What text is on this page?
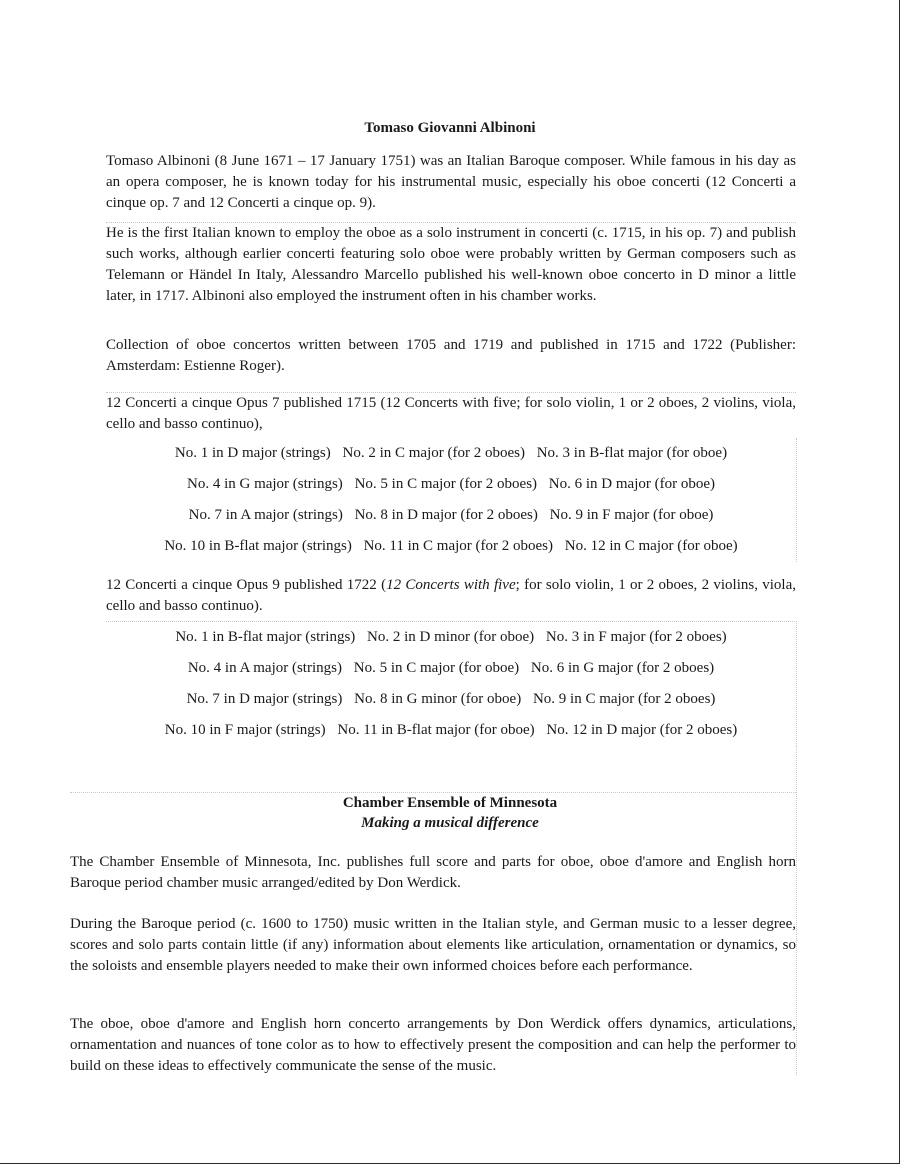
Tomaso Giovanni Albinoni

Tomaso Albinoni (8 June 1671 – 17 January 1751) was an Italian Baroque composer. While famous in his day as an opera composer, he is known today for his instrumental music, especially his oboe concerti (12 Concerti a cinque op. 7 and 12 Concerti a cinque op. 9).

He is the first Italian known to employ the oboe as a solo instrument in concerti (c. 1715, in his op. 7) and publish such works, although earlier concerti featuring solo oboe were probably written by German composers such as Telemann or Händel In Italy, Alessandro Marcello published his well-known oboe concerto in D minor a little later, in 1717. Albinoni also employed the instrument often in his chamber works.

Collection of oboe concertos written between 1705 and 1719 and published in 1715 and 1722 (Publisher: Amsterdam: Estienne Roger).

12 Concerti a cinque Opus 7 published 1715 (12 Concerts with five; for solo violin, 1 or 2 oboes, 2 violins, viola, cello and basso continuo),

No. 1 in D major (strings) No. 2 in C major (for 2 oboes) No. 3 in B-flat major (for oboe)
No. 4 in G major (strings) No. 5 in C major (for 2 oboes) No. 6 in D major (for oboe)
No. 7 in A major (strings) No. 8 in D major (for 2 oboes) No. 9 in F major (for oboe)
No. 10 in B-flat major (strings) No. 11 in C major (for 2 oboes) No. 12 in C major (for oboe)

12 Concerti a cinque Opus 9 published 1722 (12 Concerts with five; for solo violin, 1 or 2 oboes, 2 violins, viola, cello and basso continuo).

No. 1 in B-flat major (strings) No. 2 in D minor (for oboe) No. 3 in F major (for 2 oboes)
No. 4 in A major (strings) No. 5 in C major (for oboe) No. 6 in G major (for 2 oboes)
No. 7 in D major (strings) No. 8 in G minor (for oboe) No. 9 in C major (for 2 oboes)
No. 10 in F major (strings) No. 11 in B-flat major (for oboe) No. 12 in D major (for 2 oboes)
Chamber Ensemble of Minnesota
Making a musical difference

The Chamber Ensemble of Minnesota, Inc. publishes full score and parts for oboe, oboe d'amore and English horn Baroque period chamber music arranged/edited by Don Werdick.

During the Baroque period (c. 1600 to 1750) music written in the Italian style, and German music to a lesser degree, scores and solo parts contain little (if any) information about elements like articulation, ornamentation or dynamics, so the soloists and ensemble players needed to make their own informed choices before each performance.

The oboe, oboe d'amore and English horn concerto arrangements by Don Werdick offers dynamics, articulations, ornamentation and nuances of tone color as to how to effectively present the composition and can help the performer to build on these ideas to effectively communicate the sense of the music.
